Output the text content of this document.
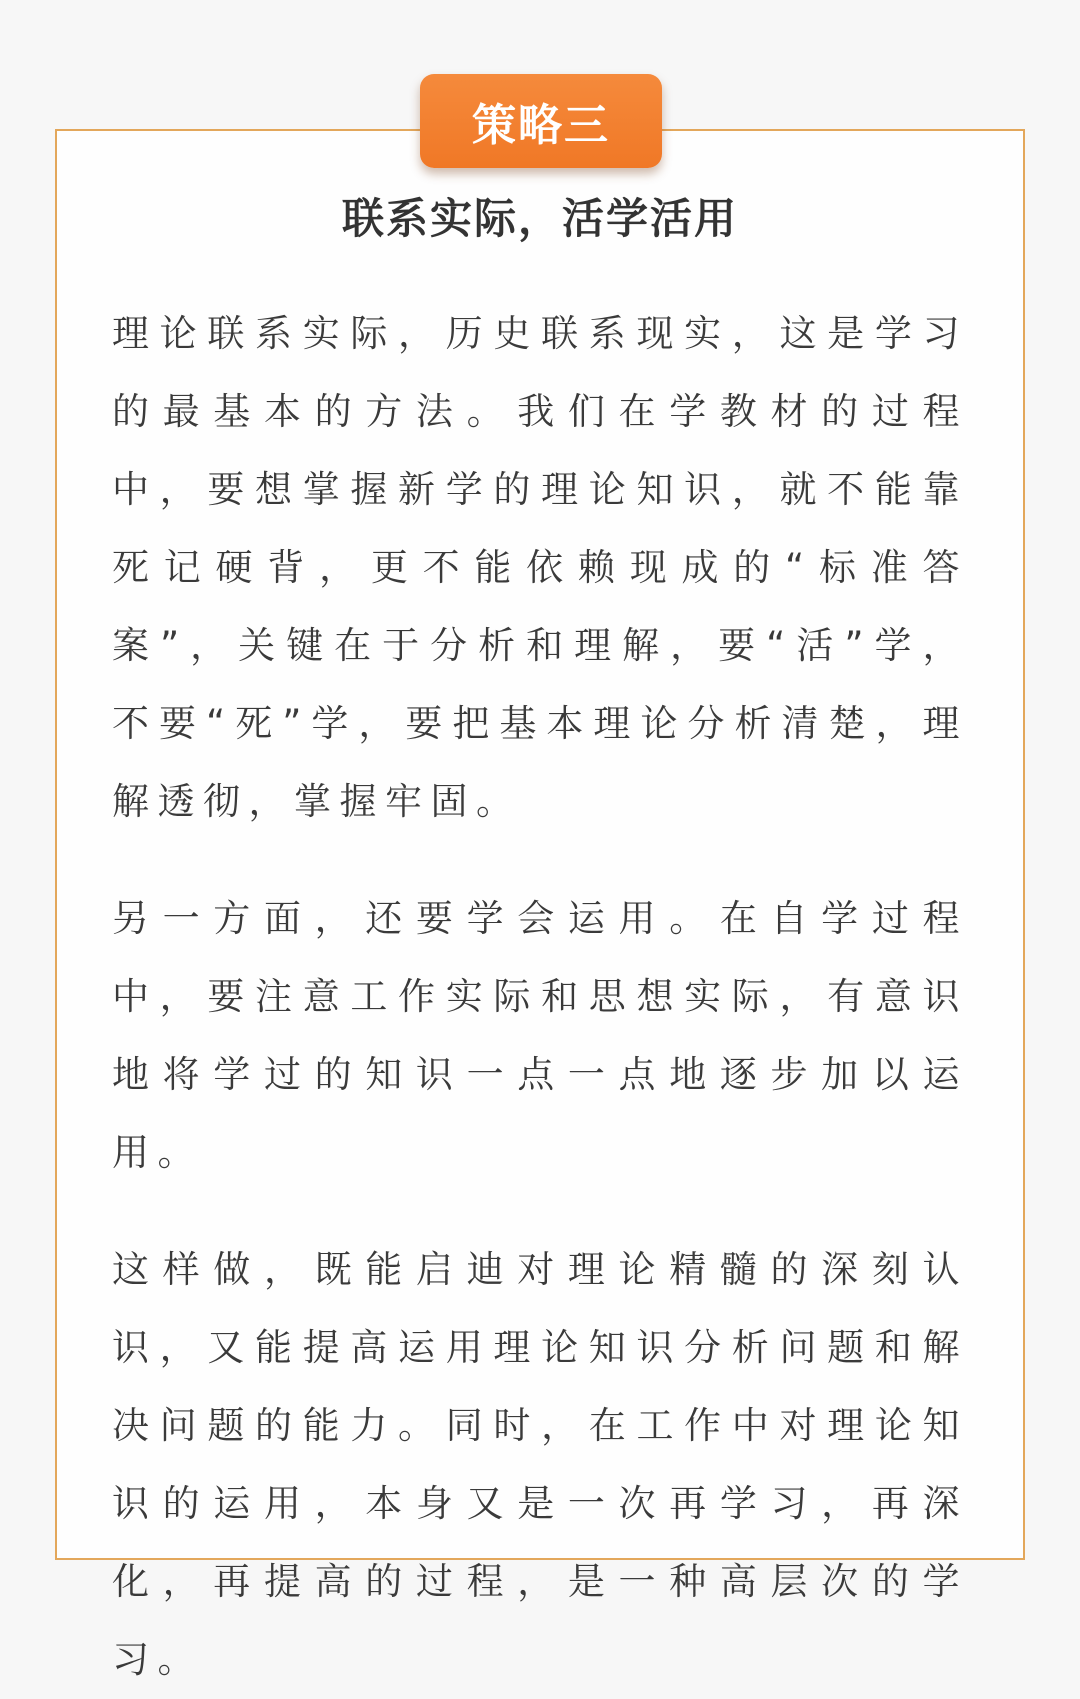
策略三
联系实际，活学活用

理论联系实际，历史联系现实，这是学习的最基本的方法。我们在学教材的过程中，要想掌握新学的理论知识，就不能靠死记硬背，更不能依赖现成的“标准答案”，关键在于分析和理解，要“活”学，不要“死”学，要把基本理论分析清楚，理解透彻，掌握牢固。

另一方面，还要学会运用。在自学过程中，要注意工作实际和思想实际，有意识地将学过的知识一点一点地逐步加以运用。

这样做，既能启迪对理论精髓的深刻认识，又能提高运用理论知识分析问题和解决问题的能力。同时，在工作中对理论知识的运用，本身又是一次再学习，再深化，再提高的过程，是一种高层次的学习。
